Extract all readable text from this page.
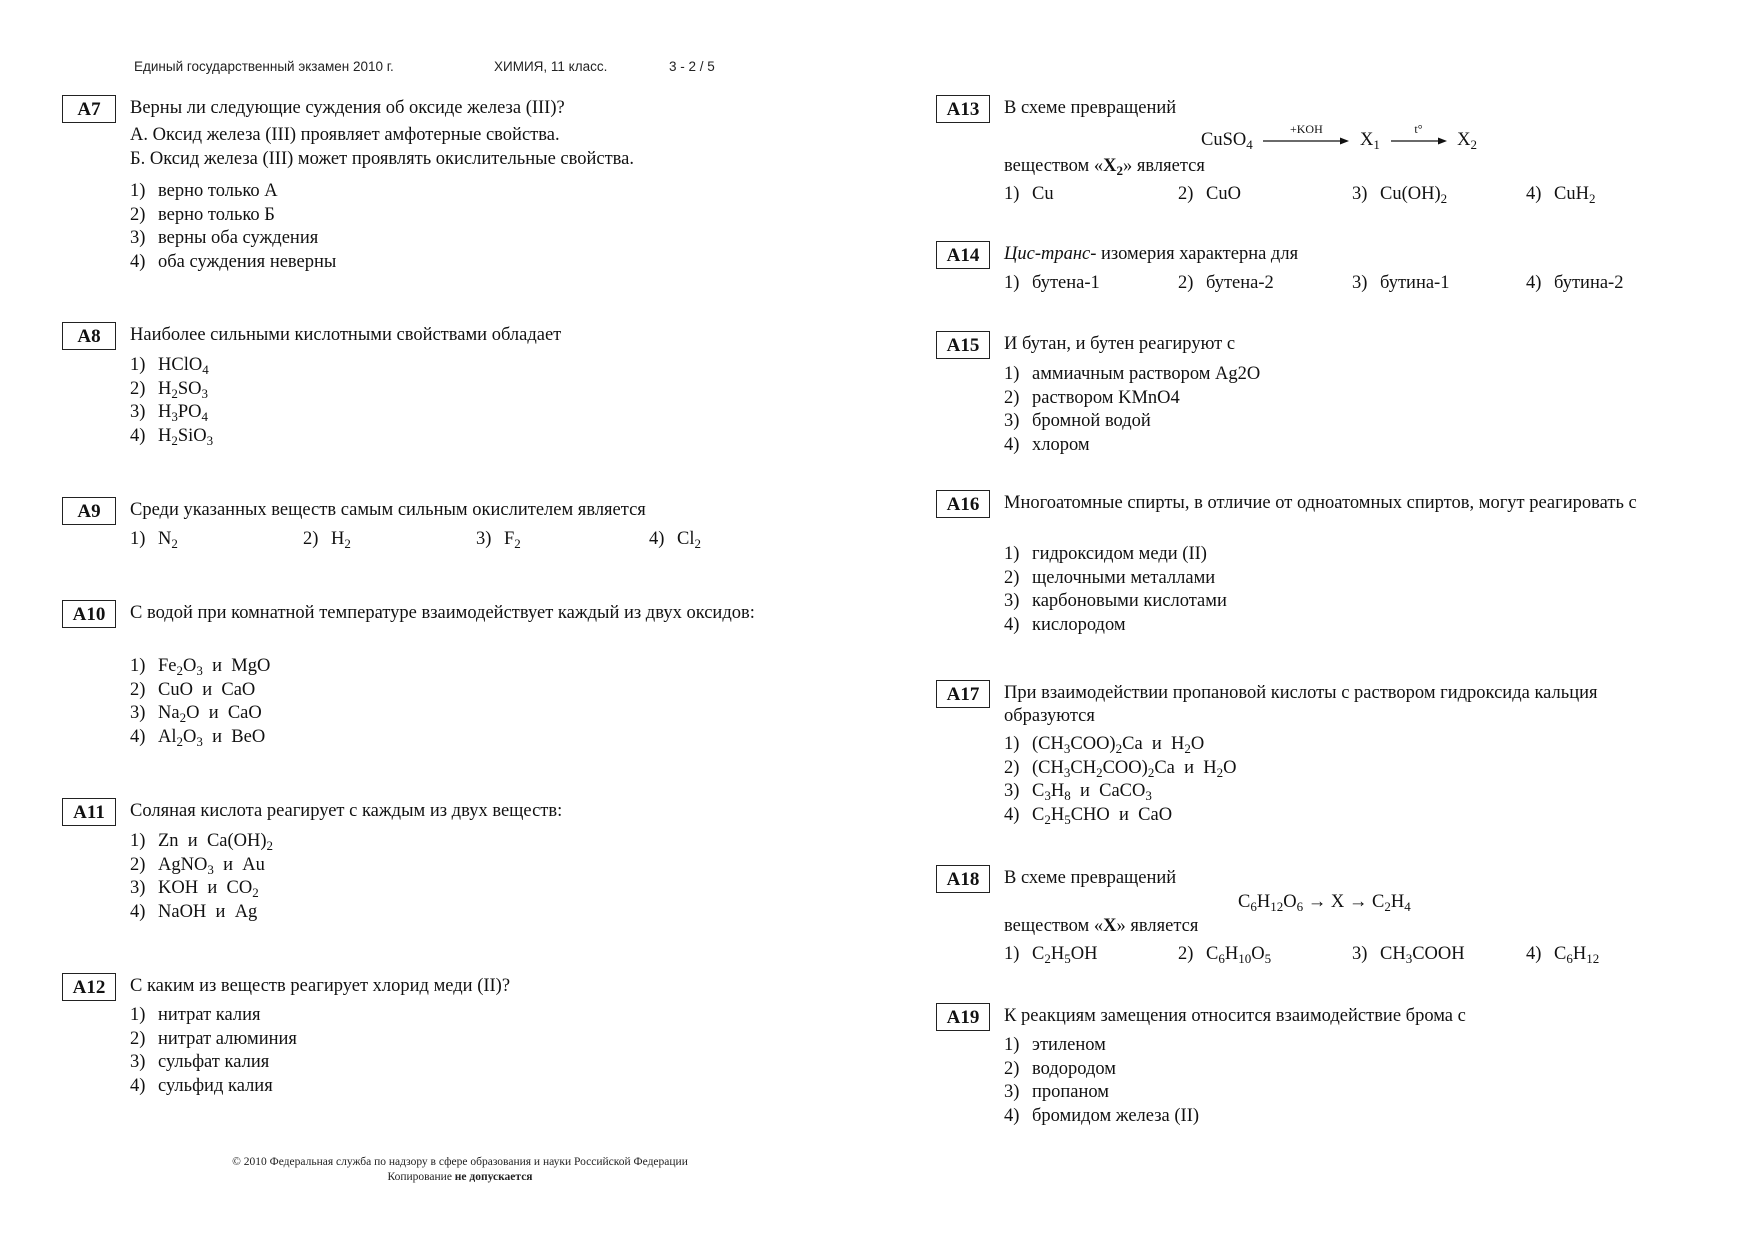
Единый государственный экзамен 2010 г.	ХИМИЯ, 11 класс.	3 - 2 / 5
A7	Верны ли следующие суждения об оксиде железа (III)?
А. Оксид железа (III) проявляет амфотерные свойства.
Б. Оксид железа (III) может проявлять окислительные свойства.
1) верно только А
2) верно только Б
3) верны оба суждения
4) оба суждения неверны
A8	Наиболее сильными кислотными свойствами обладает
1) HClO$_4$
2) $H_2SO_3$
3) $H_3PO_4$
4) $H_2SiO_3$
A9	Среди указанных веществ самым сильным окислителем является
1) $N_2$	2) $H_2$	3) $F_2$	4) $Cl_2$
A10	С водой при комнатной температуре взаимодействует каждый из двух оксидов:
1) $Fe_2O_3$  и  MgO
2) CuO  и  CaO
3) $Na_2O$  и  CaO
4) $Al_2O_3$  и  BeO
A11	Соляная кислота реагирует с каждым из двух веществ:
1) Zn  и  $Ca(OH)_2$
2) AgNO$_3$  и  Au
3) KOH  и  $CO_2$
4) NaOH  и  Ag
A12	С каким из веществ реагирует хлорид меди (II)?
1) нитрат калия
2) нитрат алюминия
3) сульфат калия
4) сульфид калия
© 2010 Федеральная служба по надзору в сфере образования и науки Российской Федерации
Копирование не допускается
A13	В схеме превращений
CuSO$_4$
+KOH
$X_1$
t°
$X_2$
веществом «$X_2$» является
1) Cu	2) CuO	3) $Cu(OH)_2$	4) CuH$_2$
A14	Цис-транс- изомерия характерна для
1) бутена-1	2) бутена-2	3) бутина-1	4) бутина-2
A15	И бутан, и бутен реагируют с
1) аммиачным раствором Ag2O
2) раствором KMnO4
3) бромной водой
4) хлором
A16	Многоатомные спирты, в отличие от одноатомных спиртов, могут реагировать с
1) гидроксидом меди (II)
2) щелочными металлами
3) карбоновыми кислотами
4) кислородом
A17	При взаимодействии пропановой кислоты с раствором гидроксида кальция образуются
1) $(CH_3COO)_2Ca$  и  $H_2O$
2) $(CH_3CH_2COO)_2Ca$  и  $H_2O$
3) $C_3H_8$  и  CaCO$_3$
4) $C_2H_5CHO$  и  CaO
A18	В схеме превращений
$C_6H_{12}O_6 \to X \to C_2H_4$
веществом «X» является
1) $C_2H_5OH$	2) $C_6H_{10}O_5$	3) $CH_3COOH$	4) $C_6H_{12}$
A19	К реакциям замещения относится взаимодействие брома с
1) этиленом
2) водородом
3) пропаном
4) бромидом железа (II)
